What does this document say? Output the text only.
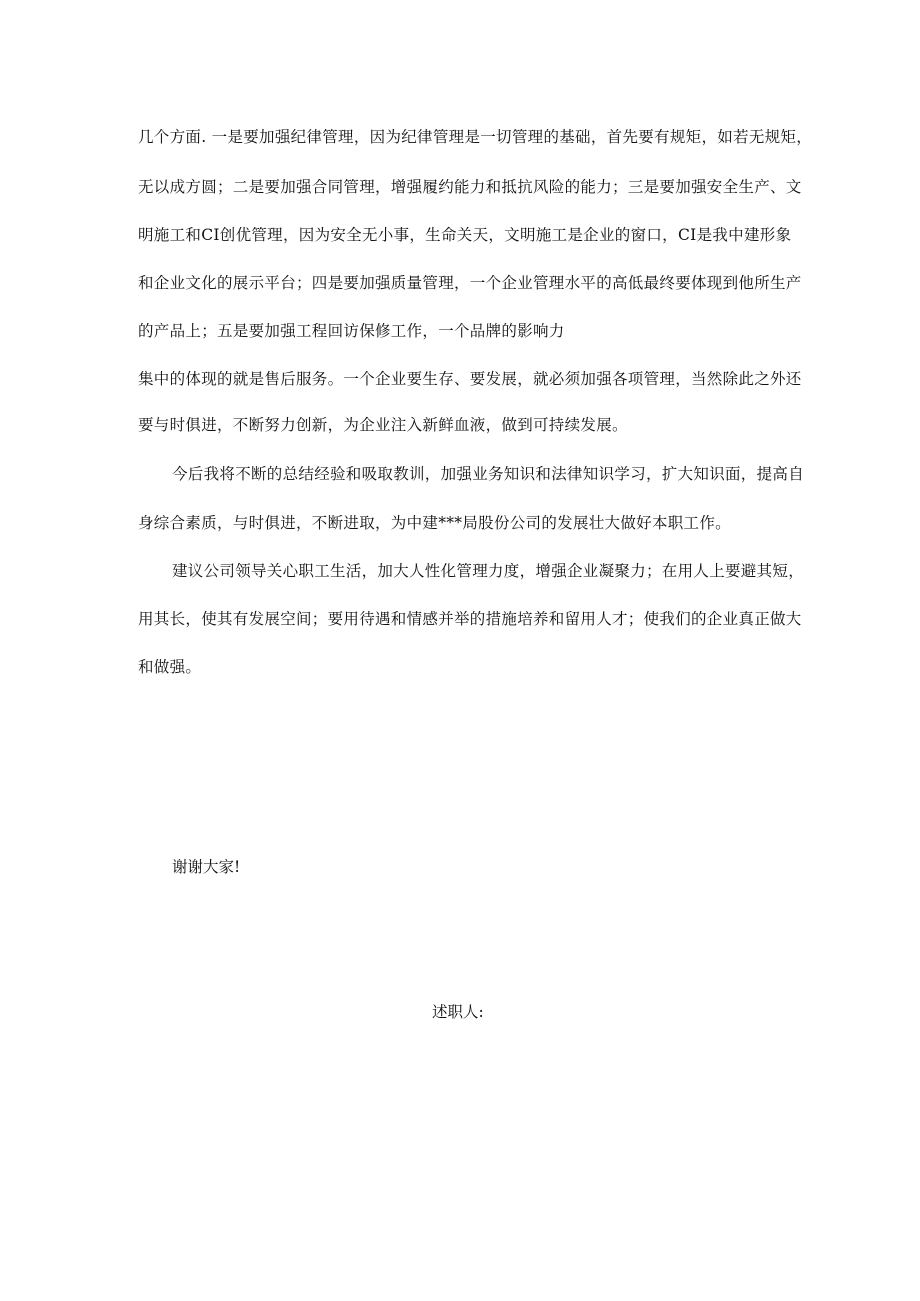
几个方面. 一是要加强纪律管理，因为纪律管理是一切管理的基础，首先要有规矩，如若无规矩，

无以成方圆；二是要加强合同管理，增强履约能力和抵抗风险的能力；三是要加强安全生产、文

明施工和CI创优管理，因为安全无小事，生命关天，文明施工是企业的窗口，CI是我中建形象

和企业文化的展示平台；四是要加强质量管理，一个企业管理水平的高低最终要体现到他所生产

的产品上；五是要加强工程回访保修工作，一个品牌的影响力

集中的体现的就是售后服务。一个企业要生存、要发展，就必须加强各项管理，当然除此之外还

要与时俱进，不断努力创新，为企业注入新鲜血液，做到可持续发展。

今后我将不断的总结经验和吸取教训，加强业务知识和法律知识学习，扩大知识面，提高自

身综合素质，与时俱进，不断进取，为中建***局股份公司的发展壮大做好本职工作。

建议公司领导关心职工生活，加大人性化管理力度，增强企业凝聚力；在用人上要避其短，

用其长，使其有发展空间；要用待遇和情感并举的措施培养和留用人才；使我们的企业真正做大

和做强。

谢谢大家!

述职人:
